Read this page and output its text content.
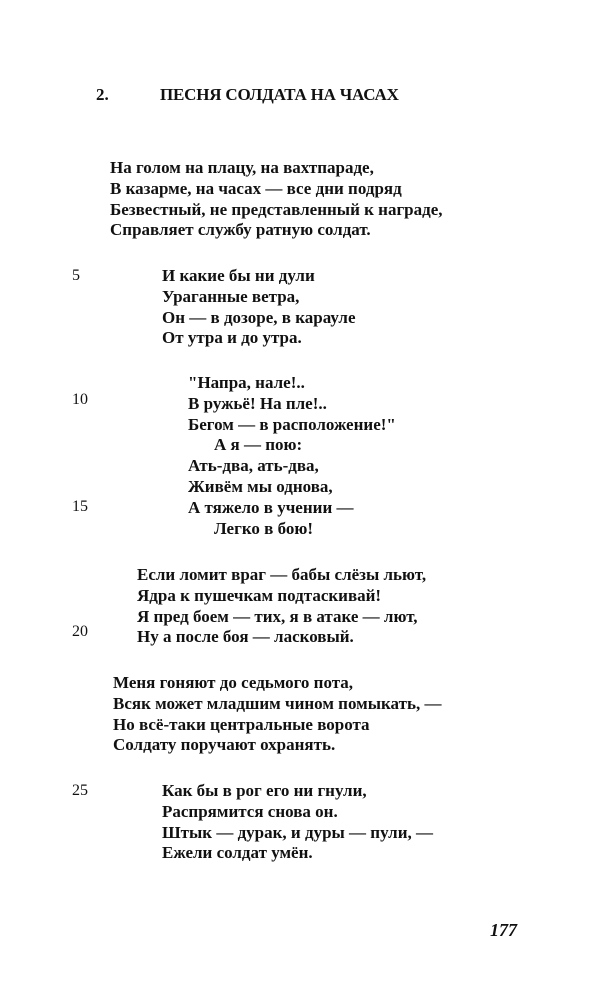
2.	ПЕСНЯ СОЛДАТА НА ЧАСАХ
На голом на плацу, на вахтпараде,
В казарме, на часах — все дни подряд
Безвестный, не представленный к награде,
Справляет службу ратную солдат.
И какие бы ни дули
Ураганные ветра,
Он — в дозоре, в карауле
От утра и до утра.
"Напра, нале!..
В ружьё! На пле!..
Бегом — в расположение!"
А я — пою:
Ать-два, ать-два,
Живём мы однова,
А тяжело в учении —
Легко в бою!
Если ломит враг — бабы слёзы льют,
Ядра к пушечкам подтаскивай!
Я пред боем — тих, я в атаке — лют,
Ну а после боя — ласковый.
Меня гоняют до седьмого пота,
Всяк может младшим чином помыкать, —
Но всё-таки центральные ворота
Солдату поручают охранять.
Как бы в рог его ни гнули,
Распрямится снова он.
Штык — дурак, и дуры — пули, —
Ежели солдат умён.
5
10
15
20
25
177
